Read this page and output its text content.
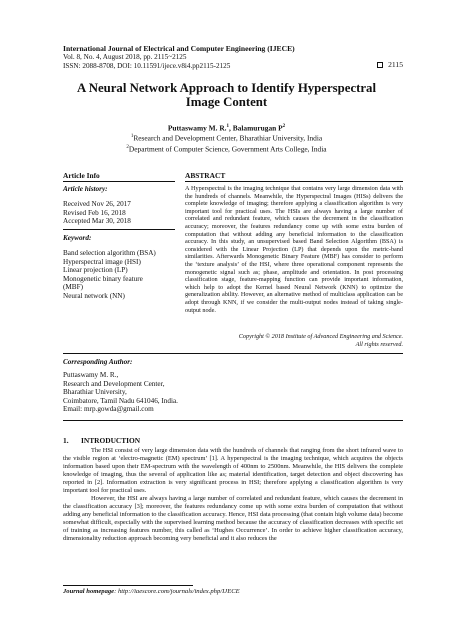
International Journal of Electrical and Computer Engineering (IJECE)
Vol. 8, No. 4, August 2018, pp. 2115~2125
ISSN: 2088-8708, DOI: 10.11591/ijece.v8i4.pp2115-2125	2115
A Neural Network Approach to Identify Hyperspectral
Image Content
Puttaswamy M. R.$^1$, Balamurugan $P^2$
$^1$Research and Development Center, Bharathiar University, India
$^2$Department of Computer Science, Government Arts College, India
Article Info
Article history:
Received Nov 26, 2017
Revised Feb 16, 2018
Accepted Mar 30, 2018
Keyword:
Band selection algorithm (BSA)
Hyperspectral image (HSI)
Linear projection (LP)
Monogenetic binary feature
(MBF)
Neural network (NN)
ABSTRACT
A Hyperspectral is the imaging technique that contains very large dimension data with the hundreds of channels. Meanwhile, the Hyperspectral Images (HISs) delivers the complete knowledge of imaging; therefore applying a classification algorithm is very important tool for practical uses. The HSIs are always having a large number of correlated and redundant feature, which causes the decrement in the classification accuracy; moreover, the features redundancy come up with some extra burden of computation that without adding any beneficial information to the classification accuracy. In this study, an unsupervised based Band Selection Algorithm (BSA) is considered with the Linear Projection (LP) that depends upon the metric-band similarities. Afterwards Monogenetic Binary Feature (MBF) has consider to perform the ‘texture analysis’ of the HSI, where three operational component represents the monogenetic signal such as; phase, amplitude and orientation. In post processing classification stage, feature-mapping function can provide important information, which help to adopt the Kernel based Neural Network (KNN) to optimize the generalization ability. However, an alternative method of multiclass application can be adopt through KNN, if we consider the multi-output nodes instead of taking single-output node.
Copyright © 2018 Institute of Advanced Engineering and Science.
All rights reserved.
Corresponding Author:
Puttaswamy M. R.,
Research and Development Center,
Bharathiar University,
Coimbatore, Tamil Nadu 641046, India.
Email: mrp.gowda@gmail.com
1. INTRODUCTION

The HSI consist of very large dimension data with the hundreds of channels that ranging from the short infrared wave to the visible region at ‘electro-magnetic (EM) spectrum’ [1]. A hyperspectral is the imaging technique, which acquires the objects information based upon their EM-spectrum with the wavelength of 400nm to 2500nm. Meanwhile, the HIS delivers the complete knowledge of imaging, thus the several of application like as; material identification, target detection and object discovering has reported in [2]. Information extraction is very significant process in HSI; therefore applying a classification algorithm is very important tool for practical uses.

However, the HSI are always having a large number of correlated and redundant feature, which causes the decrement in the classification accuracy [3]; moreover, the features redundancy come up with some extra burden of computation that without adding any beneficial information to the classification accuracy. Hence, HSI data processing (that contain high volume data) become somewhat difficult, especially with the supervised learning method because the accuracy of classification decreases with specific set of training as increasing features number, this called as ‘Hughes Occurrence’. In order to achieve higher classification accuracy, dimensionality reduction approach becoming very beneficial and it also reduces the

Journal homepage: http://iaescore.com/journals/index.php/IJECE
